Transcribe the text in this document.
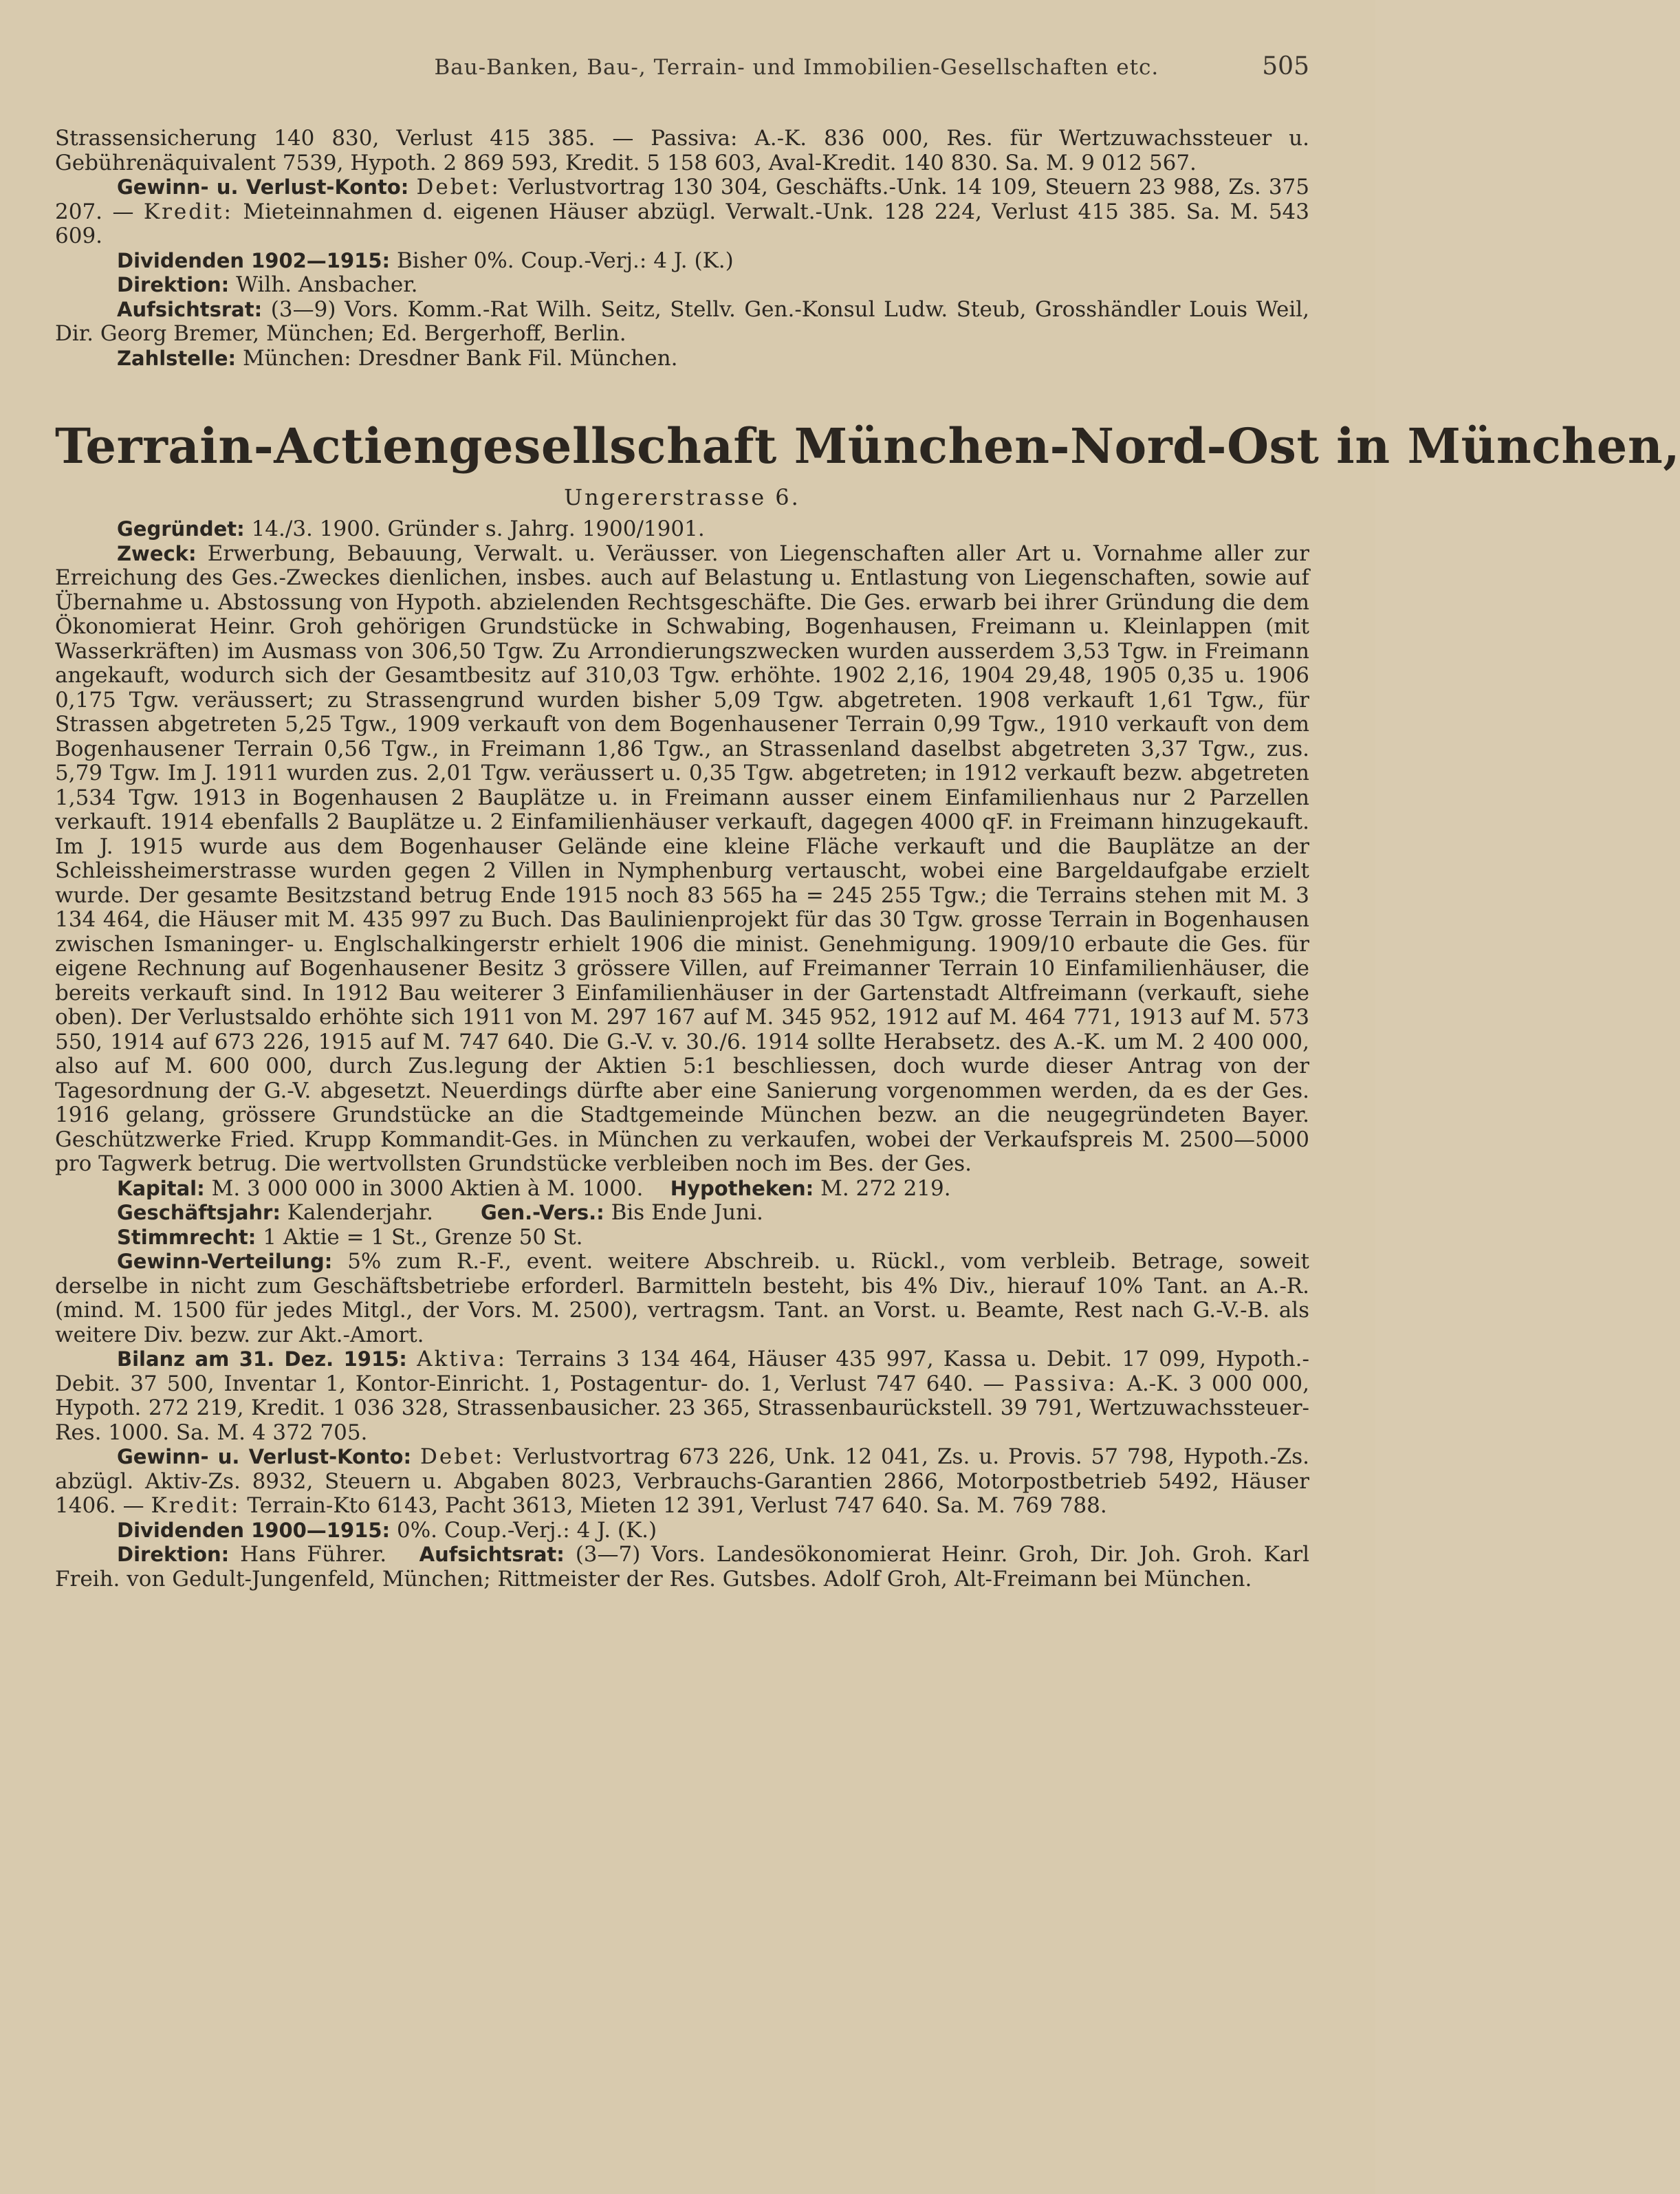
Bau-Banken, Bau-, Terrain- und Immobilien-Gesellschaften etc.	505

Strassensicherung 140 830, Verlust 415 385. — Passiva: A.-K. 836 000, Res. für Wertzuwachssteuer u. Gebührenäquivalent 7539, Hypoth. 2 869 593, Kredit. 5 158 603, Aval-Kredit. 140 830. Sa. M. 9 012 567.

Gewinn- u. Verlust-Konto: Debet: Verlustvortrag 130 304, Geschäfts.-Unk. 14 109, Steuern 23 988, Zs. 375 207. — Kredit: Mieteinnahmen d. eigenen Häuser abzügl. Verwalt.-Unk. 128 224, Verlust 415 385. Sa. M. 543 609.

Dividenden 1902—1915: Bisher 0%. Coup.-Verj.: 4 J. (K.)

Direktion: Wilh. Ansbacher.

Aufsichtsrat: (3—9) Vors. Komm.-Rat Wilh. Seitz, Stellv. Gen.-Konsul Ludw. Steub, Grosshändler Louis Weil, Dir. Georg Bremer, München; Ed. Bergerhoff, Berlin.

Zahlstelle: München: Dresdner Bank Fil. München.

Terrain-Actiengesellschaft München-Nord-Ost in München,
Ungererstrasse 6.

Gegründet: 14./3. 1900. Gründer s. Jahrg. 1900/1901.

Zweck: Erwerbung, Bebauung, Verwalt. u. Veräusser. von Liegenschaften aller Art u. Vornahme aller zur Erreichung des Ges.-Zweckes dienlichen, insbes. auch auf Belastung u. Entlastung von Liegenschaften, sowie auf Übernahme u. Abstossung von Hypoth. abzielenden Rechtsgeschäfte. Die Ges. erwarb bei ihrer Gründung die dem Ökonomierat Heinr. Groh gehörigen Grundstücke in Schwabing, Bogenhausen, Freimann u. Kleinlappen (mit Wasserkräften) im Ausmass von 306,50 Tgw. Zu Arrondierungszwecken wurden ausserdem 3,53 Tgw. in Freimann angekauft, wodurch sich der Gesamtbesitz auf 310,03 Tgw. erhöhte. 1902 2,16, 1904 29,48, 1905 0,35 u. 1906 0,175 Tgw. veräussert; zu Strassengrund wurden bisher 5,09 Tgw. abgetreten. 1908 verkauft 1,61 Tgw., für Strassen abgetreten 5,25 Tgw., 1909 verkauft von dem Bogenhausener Terrain 0,99 Tgw., 1910 verkauft von dem Bogenhausener Terrain 0,56 Tgw., in Freimann 1,86 Tgw., an Strassenland daselbst abgetreten 3,37 Tgw., zus. 5,79 Tgw. Im J. 1911 wurden zus. 2,01 Tgw. veräussert u. 0,35 Tgw. abgetreten; in 1912 verkauft bezw. abgetreten 1,534 Tgw. 1913 in Bogenhausen 2 Bauplätze u. in Freimann ausser einem Einfamilienhaus nur 2 Parzellen verkauft. 1914 ebenfalls 2 Bauplätze u. 2 Einfamilienhäuser verkauft, dagegen 4000 qF. in Freimann hinzugekauft. Im J. 1915 wurde aus dem Bogenhauser Gelände eine kleine Fläche verkauft und die Bauplätze an der Schleissheimerstrasse wurden gegen 2 Villen in Nymphenburg vertauscht, wobei eine Bargeldaufgabe erzielt wurde. Der gesamte Besitzstand betrug Ende 1915 noch 83 565 ha = 245 255 Tgw.; die Terrains stehen mit M. 3 134 464, die Häuser mit M. 435 997 zu Buch. Das Baulinienprojekt für das 30 Tgw. grosse Terrain in Bogenhausen zwischen Ismaninger- u. Englschalkingerstr erhielt 1906 die minist. Genehmigung. 1909/10 erbaute die Ges. für eigene Rechnung auf Bogenhausener Besitz 3 grössere Villen, auf Freimanner Terrain 10 Einfamilienhäuser, die bereits verkauft sind. In 1912 Bau weiterer 3 Einfamilienhäuser in der Gartenstadt Altfreimann (verkauft, siehe oben). Der Verlustsaldo erhöhte sich 1911 von M. 297 167 auf M. 345 952, 1912 auf M. 464 771, 1913 auf M. 573 550, 1914 auf 673 226, 1915 auf M. 747 640. Die G.-V. v. 30./6. 1914 sollte Herabsetz. des A.-K. um M. 2 400 000, also auf M. 600 000, durch Zus.legung der Aktien 5:1 beschliessen, doch wurde dieser Antrag von der Tagesordnung der G.-V. abgesetzt. Neuerdings dürfte aber eine Sanierung vorgenommen werden, da es der Ges. 1916 gelang, grössere Grundstücke an die Stadtgemeinde München bezw. an die neugegründeten Bayer. Geschützwerke Fried. Krupp Kommandit-Ges. in München zu verkaufen, wobei der Verkaufspreis M. 2500—5000 pro Tagwerk betrug. Die wertvollsten Grundstücke verbleiben noch im Bes. der Ges.

Kapital: M. 3 000 000 in 3000 Aktien à M. 1000. Hypotheken: M. 272 219.

Geschäftsjahr: Kalenderjahr. Gen.-Vers.: Bis Ende Juni.

Stimmrecht: 1 Aktie = 1 St., Grenze 50 St.

Gewinn-Verteilung: 5% zum R.-F., event. weitere Abschreib. u. Rückl., vom verbleib. Betrage, soweit derselbe in nicht zum Geschäftsbetriebe erforderl. Barmitteln besteht, bis 4% Div., hierauf 10% Tant. an A.-R. (mind. M. 1500 für jedes Mitgl., der Vors. M. 2500), vertragsm. Tant. an Vorst. u. Beamte, Rest nach G.-V.-B. als weitere Div. bezw. zur Akt.-Amort.

Bilanz am 31. Dez. 1915: Aktiva: Terrains 3 134 464, Häuser 435 997, Kassa u. Debit. 17 099, Hypoth.-Debit. 37 500, Inventar 1, Kontor-Einricht. 1, Postagentur- do. 1, Verlust 747 640. — Passiva: A.-K. 3 000 000, Hypoth. 272 219, Kredit. 1 036 328, Strassenbausicher. 23 365, Strassenbaurückstell. 39 791, Wertzuwachssteuer-Res. 1000. Sa. M. 4 372 705.

Gewinn- u. Verlust-Konto: Debet: Verlustvortrag 673 226, Unk. 12 041, Zs. u. Provis. 57 798, Hypoth.-Zs. abzügl. Aktiv-Zs. 8932, Steuern u. Abgaben 8023, Verbrauchs-Garantien 2866, Motorpostbetrieb 5492, Häuser 1406. — Kredit: Terrain-Kto 6143, Pacht 3613, Mieten 12 391, Verlust 747 640. Sa. M. 769 788.

Dividenden 1900—1915: 0%. Coup.-Verj.: 4 J. (K.)

Direktion: Hans Führer. Aufsichtsrat: (3—7) Vors. Landesökonomierat Heinr. Groh, Dir. Joh. Groh. Karl Freih. von Gedult-Jungenfeld, München; Rittmeister der Res. Gutsbes. Adolf Groh, Alt-Freimann bei München.
